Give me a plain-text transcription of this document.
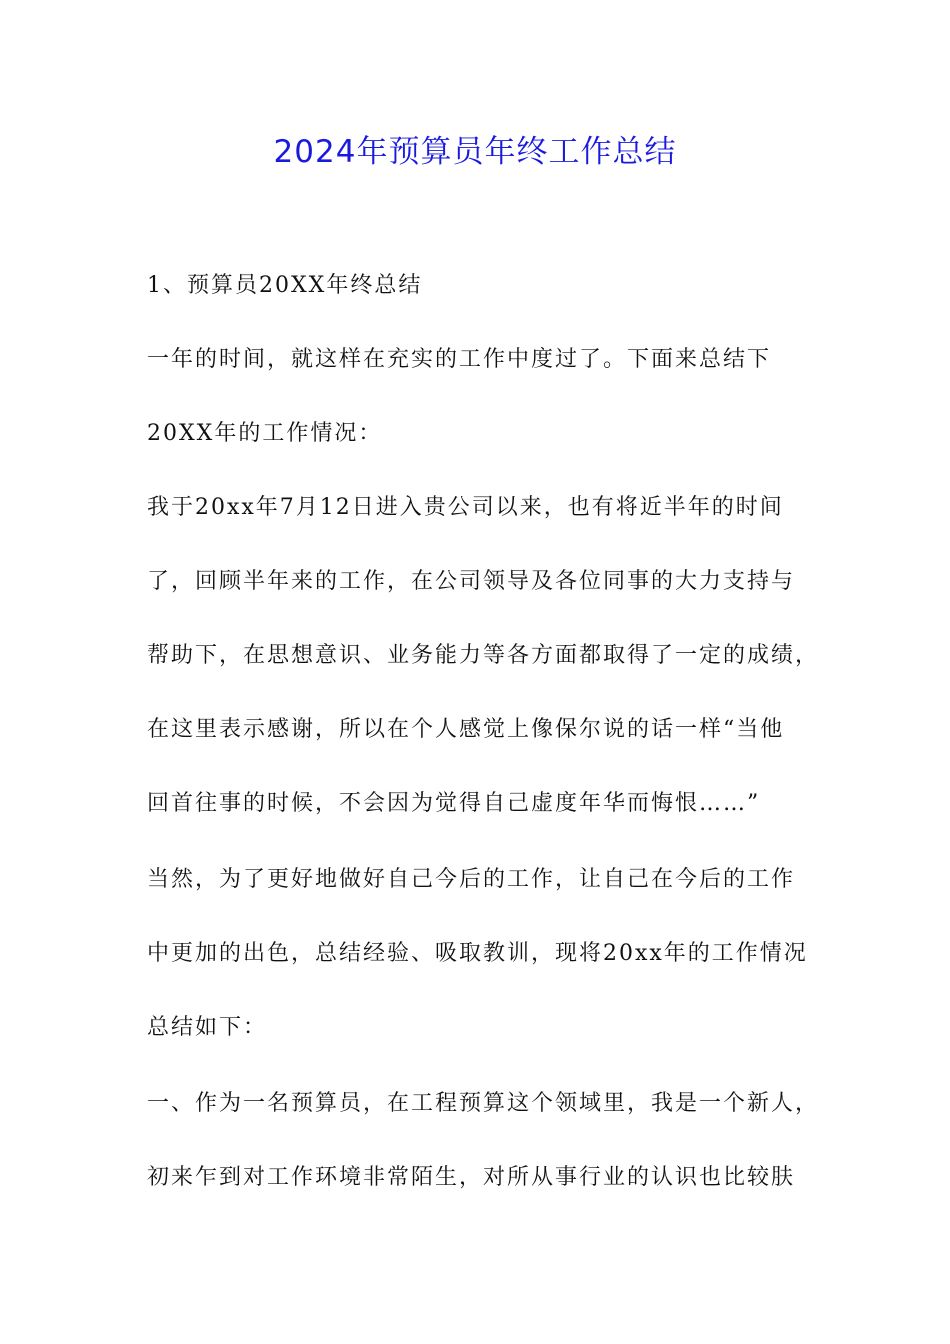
2024年预算员年终工作总结
1、预算员20XX年终总结
一年的时间，就这样在充实的工作中度过了。下面来总结下
20XX年的工作情况：
我于20xx年7月12日进入贵公司以来，也有将近半年的时间
了，回顾半年来的工作，在公司领导及各位同事的大力支持与
帮助下，在思想意识、业务能力等各方面都取得了一定的成绩，
在这里表示感谢，所以在个人感觉上像保尔说的话一样“当他
回首往事的时候，不会因为觉得自己虚度年华而悔恨……”
当然，为了更好地做好自己今后的工作，让自己在今后的工作
中更加的出色，总结经验、吸取教训，现将20xx年的工作情况
总结如下：
一、作为一名预算员，在工程预算这个领域里，我是一个新人，
初来乍到对工作环境非常陌生，对所从事行业的认识也比较肤
